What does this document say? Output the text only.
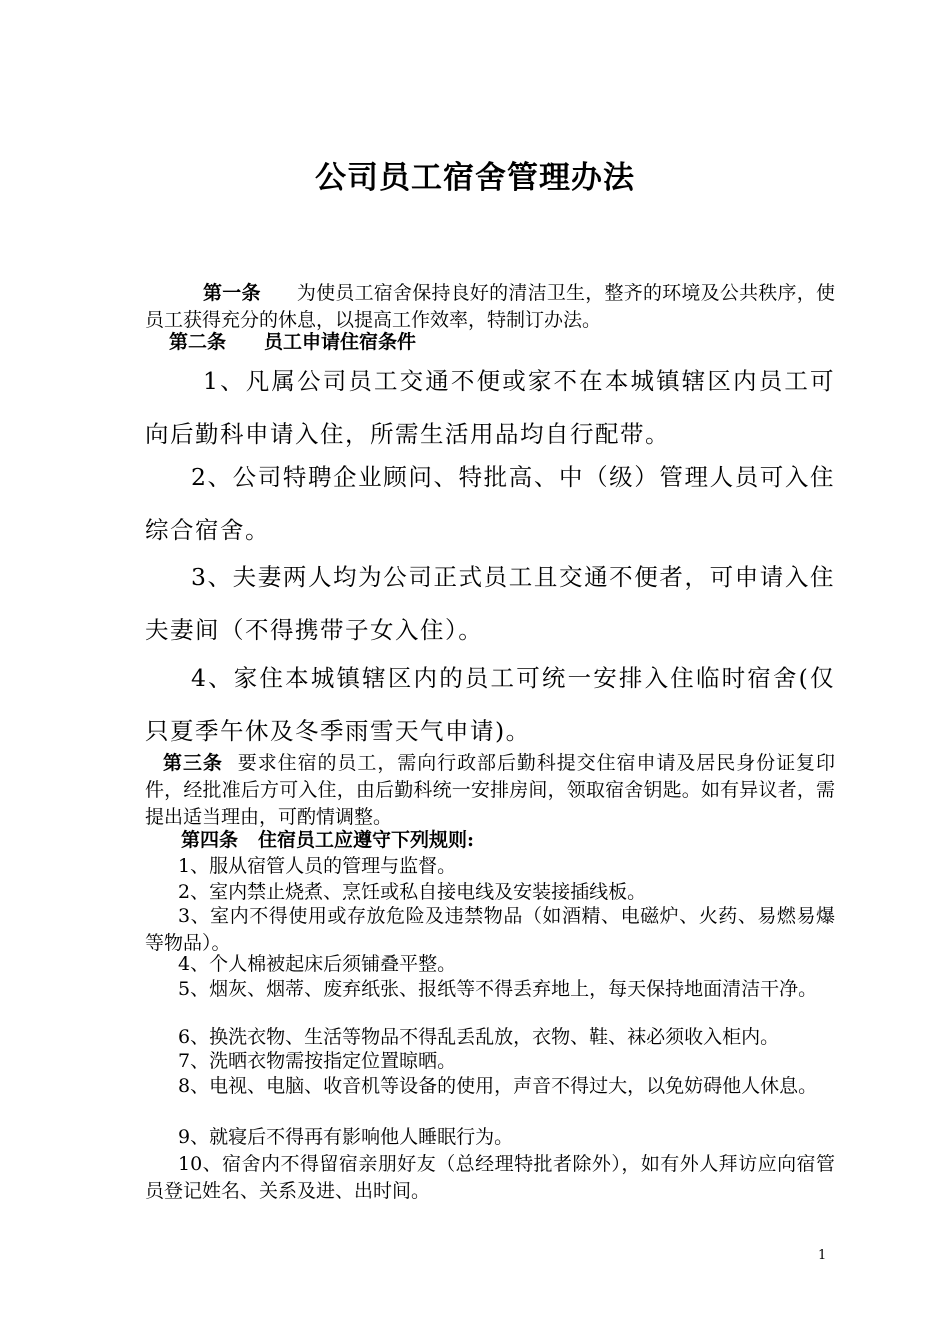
公司员工宿舍管理办法
第一条 为使员工宿舍保持良好的清洁卫生，整齐的环境及公共秩序，使员工获得充分的休息，以提高工作效率，特制订办法。
第二条 员工申请住宿条件
1、凡属公司员工交通不便或家不在本城镇辖区内员工可向后勤科申请入住，所需生活用品均自行配带。
2、公司特聘企业顾问、特批高、中（级）管理人员可入住综合宿舍。
3、夫妻两人均为公司正式员工且交通不便者，可申请入住夫妻间（不得携带子女入住）。
4、家住本城镇辖区内的员工可统一安排入住临时宿舍(仅只夏季午休及冬季雨雪天气申请)。
第三条 要求住宿的员工，需向行政部后勤科提交住宿申请及居民身份证复印件，经批准后方可入住，由后勤科统一安排房间，领取宿舍钥匙。如有异议者，需提出适当理由，可酌情调整。
第四条 住宿员工应遵守下列规则:
1、服从宿管人员的管理与监督。
2、室内禁止烧煮、烹饪或私自接电线及安装接插线板。
3、室内不得使用或存放危险及违禁物品（如酒精、电磁炉、火药、易燃易爆等物品）。
4、个人棉被起床后须铺叠平整。
5、烟灰、烟蒂、废弃纸张、报纸等不得丢弃地上，每天保持地面清洁干净。
6、换洗衣物、生活等物品不得乱丢乱放，衣物、鞋、袜必须收入柜内。
7、洗晒衣物需按指定位置晾晒。
8、电视、电脑、收音机等设备的使用，声音不得过大，以免妨碍他人休息。
9、就寝后不得再有影响他人睡眠行为。
10、宿舍内不得留宿亲朋好友（总经理特批者除外），如有外人拜访应向宿管员登记姓名、关系及进、出时间。
1
